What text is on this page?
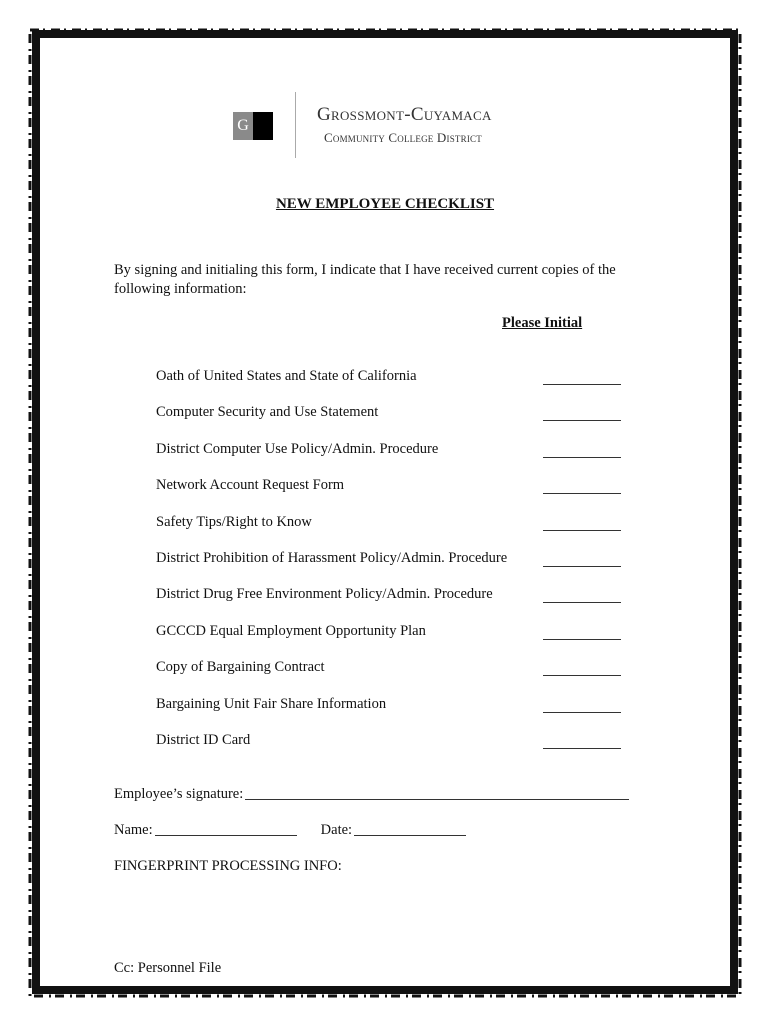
G
Grossmont-Cuyamaca
Community College District
NEW EMPLOYEE CHECKLIST
By signing and initialing this form, I indicate that I have received current copies of the following information:
Please Initial
Oath of United States and State of California
Computer Security and Use Statement
District Computer Use Policy/Admin. Procedure
Network Account Request Form
Safety Tips/Right to Know
District Prohibition of Harassment Policy/Admin. Procedure
District Drug Free Environment Policy/Admin. Procedure
GCCCD Equal Employment Opportunity Plan
Copy of Bargaining Contract
Bargaining Unit Fair Share Information
District ID Card
Employee’s signature:
Name:	Date:
FINGERPRINT PROCESSING INFO:
Cc: Personnel File
